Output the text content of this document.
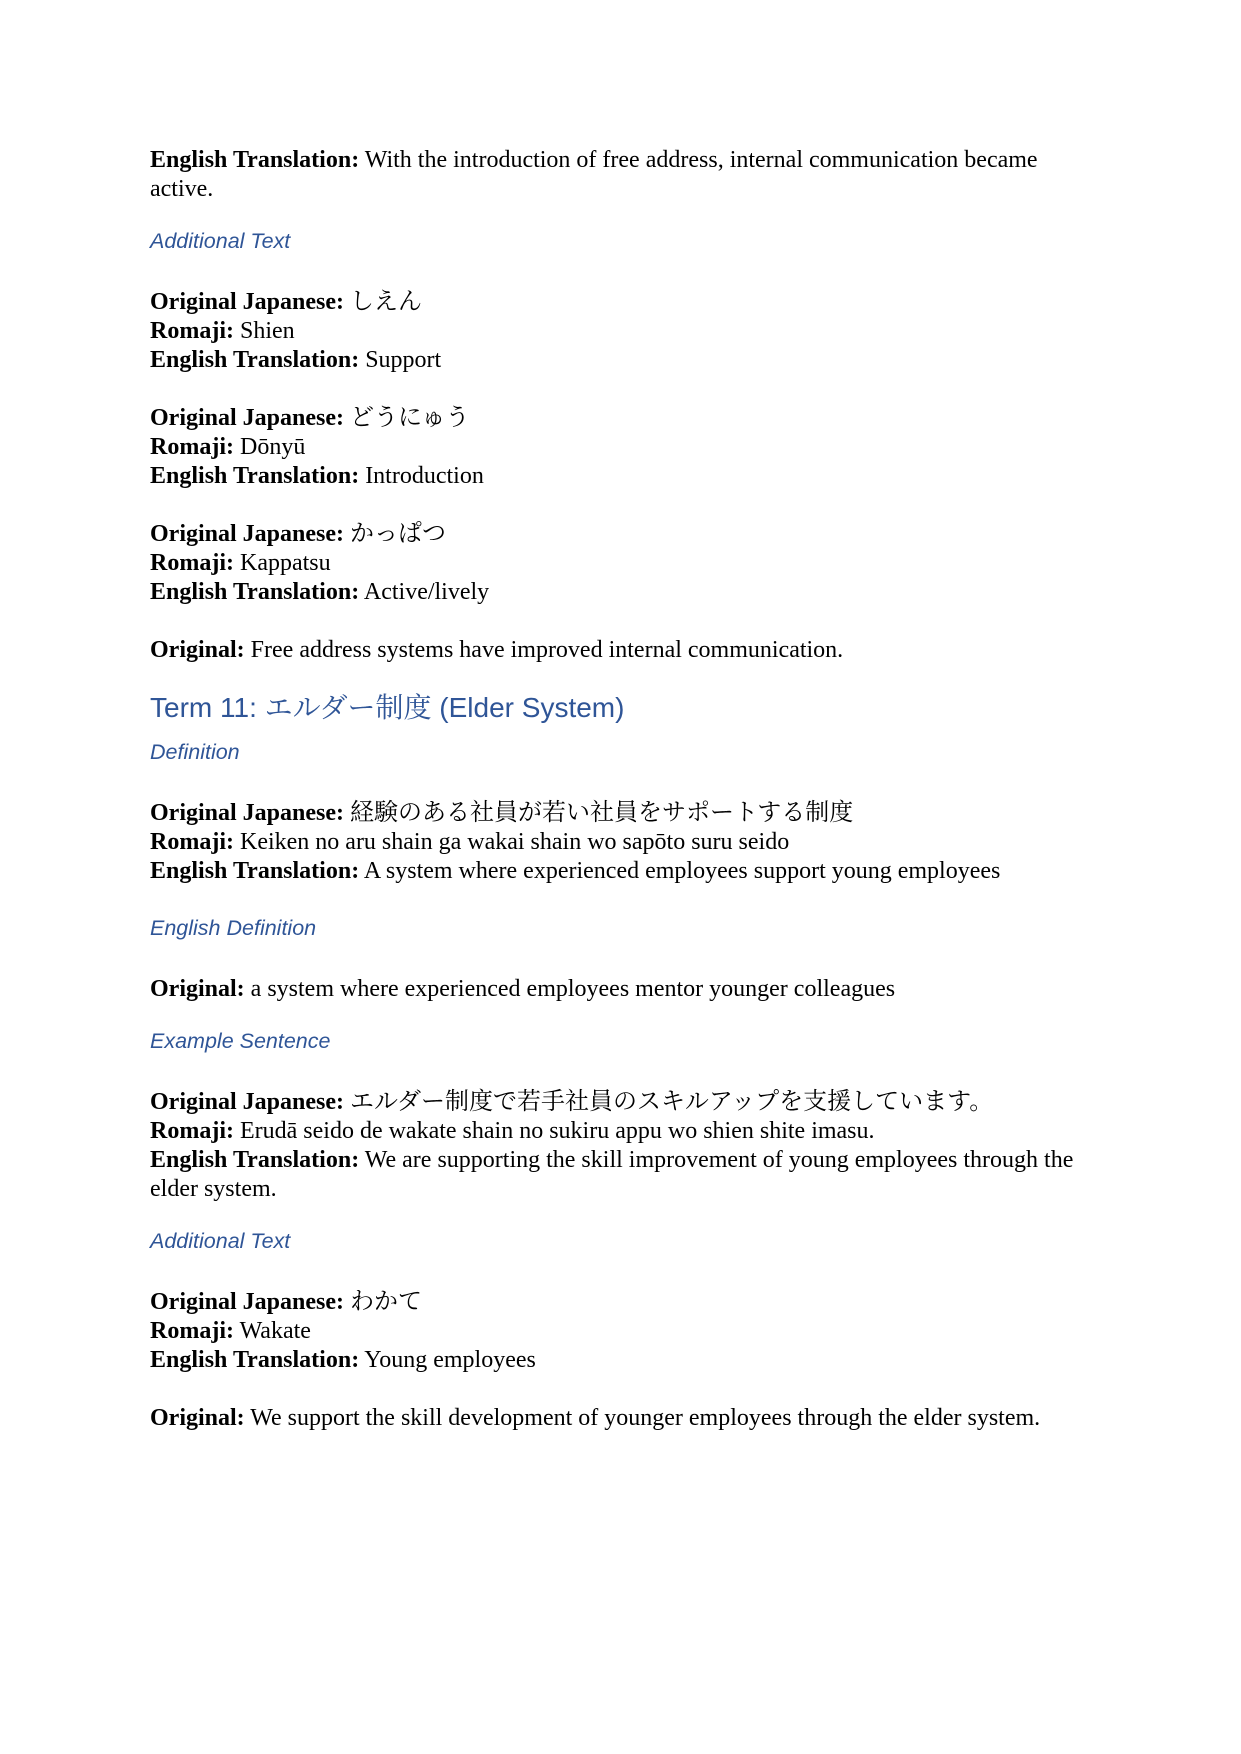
English Translation: With the introduction of free address, internal communication became active.

Additional Text

Original Japanese: しえん
Romaji: Shien
English Translation: Support
Original Japanese: どうにゅう
Romaji: Dōnyū
English Translation: Introduction
Original Japanese: かっぱつ
Romaji: Kappatsu
English Translation: Active/lively

Original: Free address systems have improved internal communication.

Term 11: エルダー制度 (Elder System)

Definition

Original Japanese: 経験のある社員が若い社員をサポートする制度
Romaji: Keiken no aru shain ga wakai shain wo sapōto suru seido
English Translation: A system where experienced employees support young employees

English Definition

Original: a system where experienced employees mentor younger colleagues

Example Sentence

Original Japanese: エルダー制度で若手社員のスキルアップを支援しています。
Romaji: Erudā seido de wakate shain no sukiru appu wo shien shite imasu.
English Translation: We are supporting the skill improvement of young employees through the elder system.

Additional Text

Original Japanese: わかて
Romaji: Wakate
English Translation: Young employees

Original: We support the skill development of younger employees through the elder system.
